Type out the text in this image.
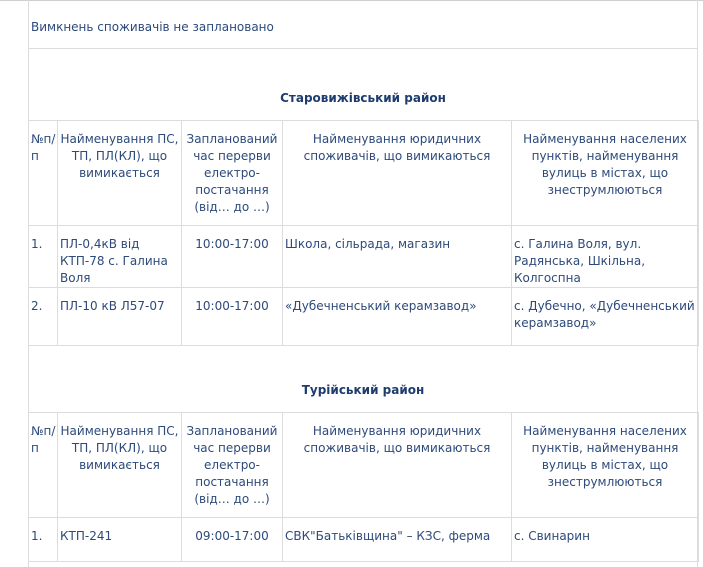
Вимкнень споживачів не заплановано
Старовижівський район
№п/п	Найменування ПС, ТП, ПЛ(КЛ), що вимикається	Запланований час перерви електро-постачання (від… до …)	Найменування юридичних споживачів, що вимикаються	Найменування населених пунктів, найменування вулиць в містах, що знеструмлюються
1.	ПЛ-0,4кВ від КТП-78 с. Галина Воля	10:00-17:00	Школа, сільрада, магазин	с. Галина Воля, вул. Радянська, Шкільна, Колгоспна
2.	ПЛ-10 кВ Л57-07	10:00-17:00	«Дубечненський керамзавод»	с. Дубечно, «Дубечненський керамзавод»
Турійський район
№п/п	Найменування ПС, ТП, ПЛ(КЛ), що вимикається	Запланований час перерви електро-постачання (від… до …)	Найменування юридичних споживачів, що вимикаються	Найменування населених пунктів, найменування вулиць в містах, що знеструмлюються
1.	КТП-241	09:00-17:00	СВК"Батьківщина" – КЗС, ферма	с. Свинарин
